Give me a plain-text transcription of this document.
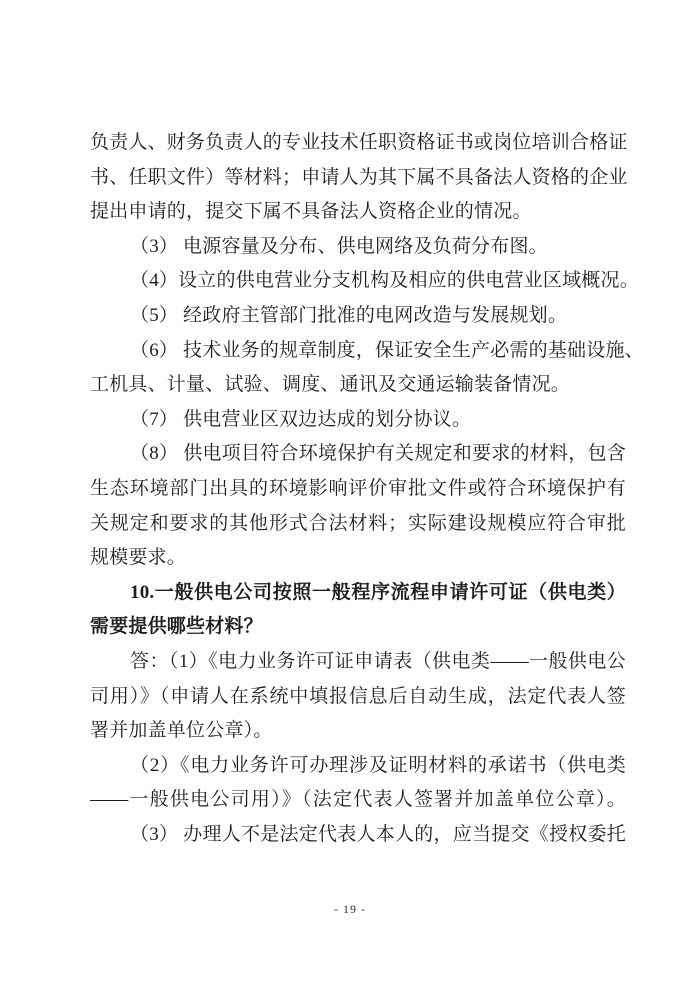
负责人、财务负责人的专业技术任职资格证书或岗位培训合格证

书、任职文件）等材料；申请人为其下属不具备法人资格的企业

提出申请的，提交下属不具备法人资格企业的情况。

（3） 电源容量及分布、供电网络及负荷分布图。

（4）设立的供电营业分支机构及相应的供电营业区域概况。

（5） 经政府主管部门批准的电网改造与发展规划。

（6） 技术业务的规章制度，保证安全生产必需的基础设施、

工机具、计量、试验、调度、通讯及交通运输装备情况。

（7） 供电营业区双边达成的划分协议。

（8） 供电项目符合环境保护有关规定和要求的材料，包含

生态环境部门出具的环境影响评价审批文件或符合环境保护有

关规定和要求的其他形式合法材料；实际建设规模应符合审批

规模要求。

10.一般供电公司按照一般程序流程申请许可证（供电类）

需要提供哪些材料？

答：（1）《电力业务许可证申请表（供电类——一般供电公

司用）》（申请人在系统中填报信息后自动生成，法定代表人签

署并加盖单位公章）。

（2）《电力业务许可办理涉及证明材料的承诺书（供电类

——一般供电公司用）》（法定代表人签署并加盖单位公章）。

（3） 办理人不是法定代表人本人的，应当提交《授权委托

- 19 -
